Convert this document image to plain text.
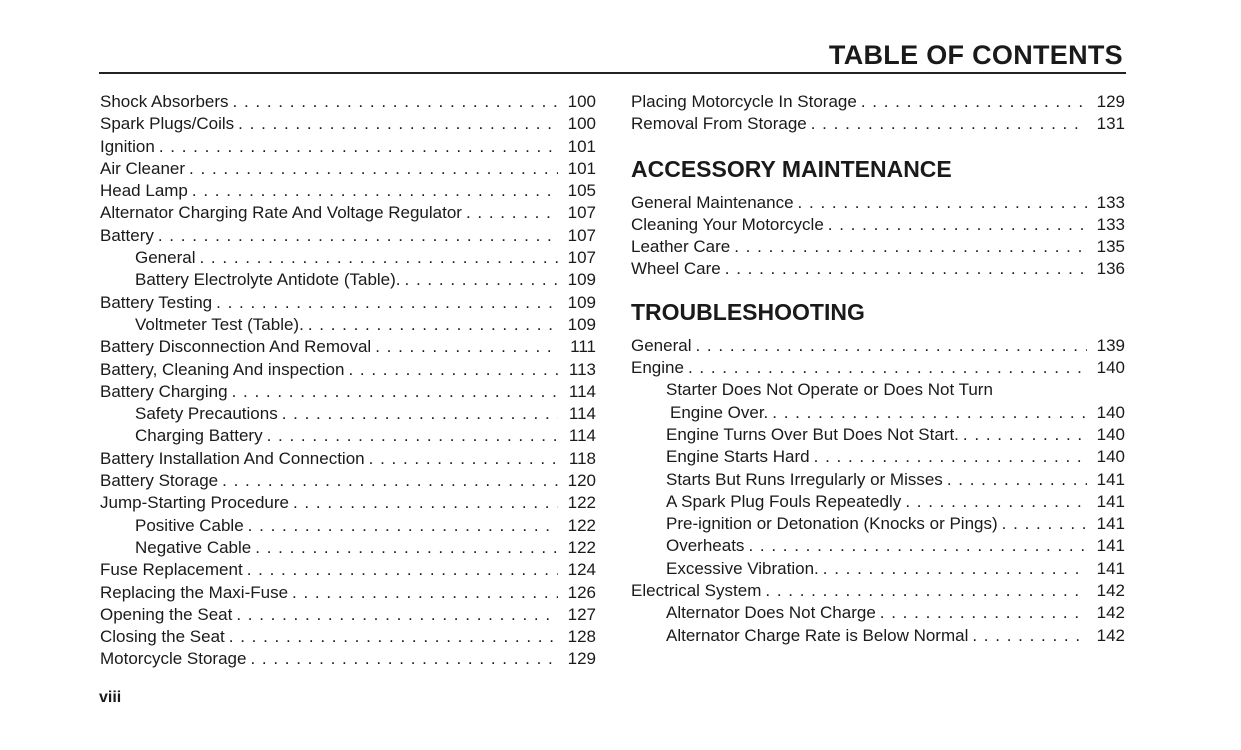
TABLE OF CONTENTS
Shock Absorbers . . .	100
Spark Plugs/Coils . . .	100
Ignition . . .	101
Air Cleaner . . .	101
Head Lamp . . .	105
Alternator Charging Rate And Voltage Regulator . . .	107
Battery . . .	107
General . . .	107
Battery Electrolyte Antidote (Table). . . .	109
Battery Testing . . .	109
Voltmeter Test (Table). . . .	109
Battery Disconnection And Removal . . .	111
Battery, Cleaning And inspection . . .	113
Battery Charging . . .	114
Safety Precautions . . .	114
Charging Battery . . .	114
Battery Installation And Connection . . .	118
Battery Storage . . .	120
Jump-Starting Procedure . . .	122
Positive Cable . . .	122
Negative Cable . . .	122
Fuse Replacement . . .	124
Replacing the Maxi-Fuse . . .	126
Opening the Seat . . .	127
Closing the Seat . . .	128
Motorcycle Storage . . .	129
Placing Motorcycle In Storage . . .	129
Removal From Storage . . .	131
ACCESSORY MAINTENANCE
General Maintenance . . .	133
Cleaning Your Motorcycle . . .	133
Leather Care . . .	135
Wheel Care . . .	136
TROUBLESHOOTING
General . . .	139
Engine . . .	140
Starter Does Not Operate or Does Not Turn
Engine Over. . . .	140
Engine Turns Over But Does Not Start. . . .	140
Engine Starts Hard . . .	140
Starts But Runs Irregularly or Misses . . .	141
A Spark Plug Fouls Repeatedly . . .	141
Pre-ignition or Detonation (Knocks or Pings) . . .	141
Overheats . . .	141
Excessive Vibration. . . .	141
Electrical System . . .	142
Alternator Does Not Charge . . .	142
Alternator Charge Rate is Below Normal . . .	142
viii
